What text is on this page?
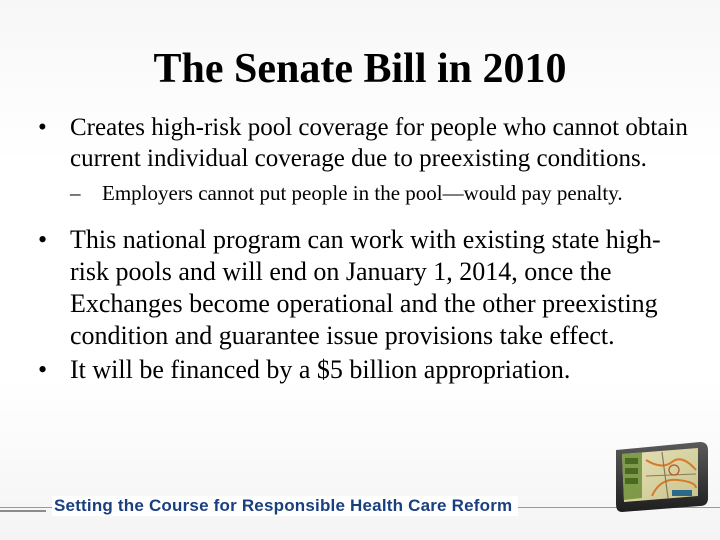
The Senate Bill in 2010
• Creates high-risk pool coverage for people who cannot obtain current individual coverage due to preexisting conditions.
– Employers cannot put people in the pool—would pay penalty.
• This national program can work with existing state high-risk pools and will end on January 1, 2014, once the Exchanges become operational and the other preexisting condition and guarantee issue provisions take effect.
• It will be financed by a $5 billion appropriation.
Setting the Course for Responsible Health Care Reform
